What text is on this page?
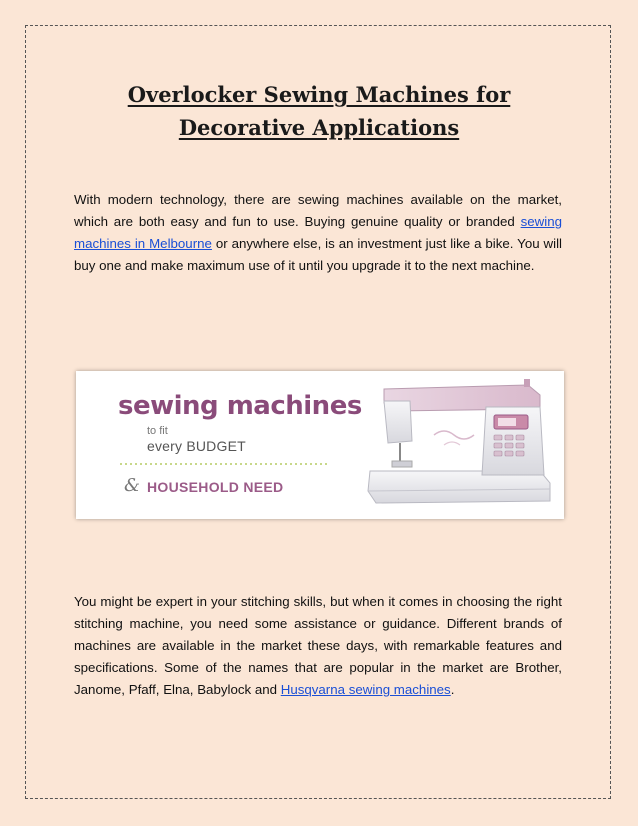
Overlocker Sewing Machines for
Decorative Applications

With modern technology, there are sewing machines available on the market, which are both easy and fun to use. Buying genuine quality or branded sewing machines in Melbourne or anywhere else, is an investment just like a bike. You will buy one and make maximum use of it until you upgrade it to the next machine.

sewing machines
to fit
every BUDGET
& HOUSEHOLD NEED

You might be expert in your stitching skills, but when it comes in choosing the right stitching machine, you need some assistance or guidance. Different brands of machines are available in the market these days, with remarkable features and specifications. Some of the names that are popular in the market are Brother, Janome, Pfaff, Elna, Babylock and Husqvarna sewing machines.
